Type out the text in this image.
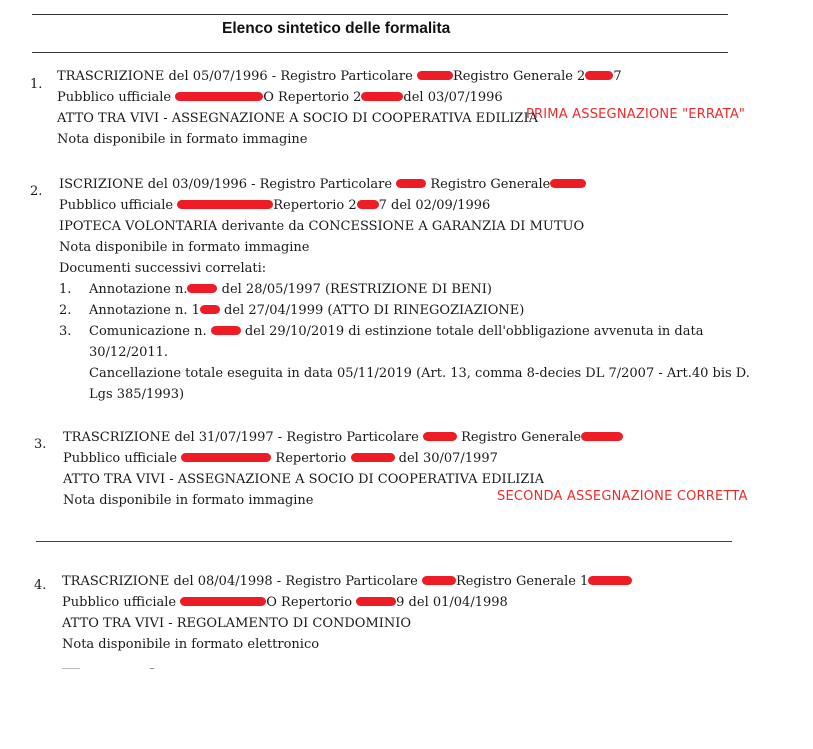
Elenco sintetico delle formalita
1.
TRASCRIZIONE del 05/07/1996 - Registro Particolare	Registro Generale 2 7
Pubblico ufficiale	O Repertorio 2	del 03/07/1996
ATTO TRA VIVI - ASSEGNAZIONE A SOCIO DI COOPERATIVA EDILIZIA
Nota disponibile in formato immagine
PRIMA ASSEGNAZIONE "ERRATA"
2. ISCRIZIONE del 03/09/1996 - Registro Particolare	Registro Generale
Pubblico ufficiale	Repertorio 2 7 del 02/09/1996
IPOTECA VOLONTARIA derivante da CONCESSIONE A GARANZIA DI MUTUO
Nota disponibile in formato immagine
Documenti successivi correlati:
1. Annotazione n. del 28/05/1997 (RESTRIZIONE DI BENI)
2. Annotazione n. 1 del 27/04/1999 (ATTO DI RINEGOZIAZIONE)
3. Comunicazione n.  del 29/10/2019 di estinzione totale dell'obbligazione avvenuta in data
30/12/2011.
Cancellazione totale eseguita in data 05/11/2019 (Art. 13, comma 8-decies DL 7/2007 - Art.40 bis D.
Lgs 385/1993)
3. TRASCRIZIONE del 31/07/1997 - Registro Particolare	Registro Generale
Pubblico ufficiale	Repertorio	del 30/07/1997
ATTO TRA VIVI - ASSEGNAZIONE A SOCIO DI COOPERATIVA EDILIZIA
Nota disponibile in formato immagine	SECONDA ASSEGNAZIONE CORRETTA
4. TRASCRIZIONE del 08/04/1998 - Registro Particolare	Registro Generale 1
Pubblico ufficiale	O Repertorio	9 del 01/04/1998
ATTO TRA VIVI - REGOLAMENTO DI CONDOMINIO
Nota disponibile in formato elettronico
